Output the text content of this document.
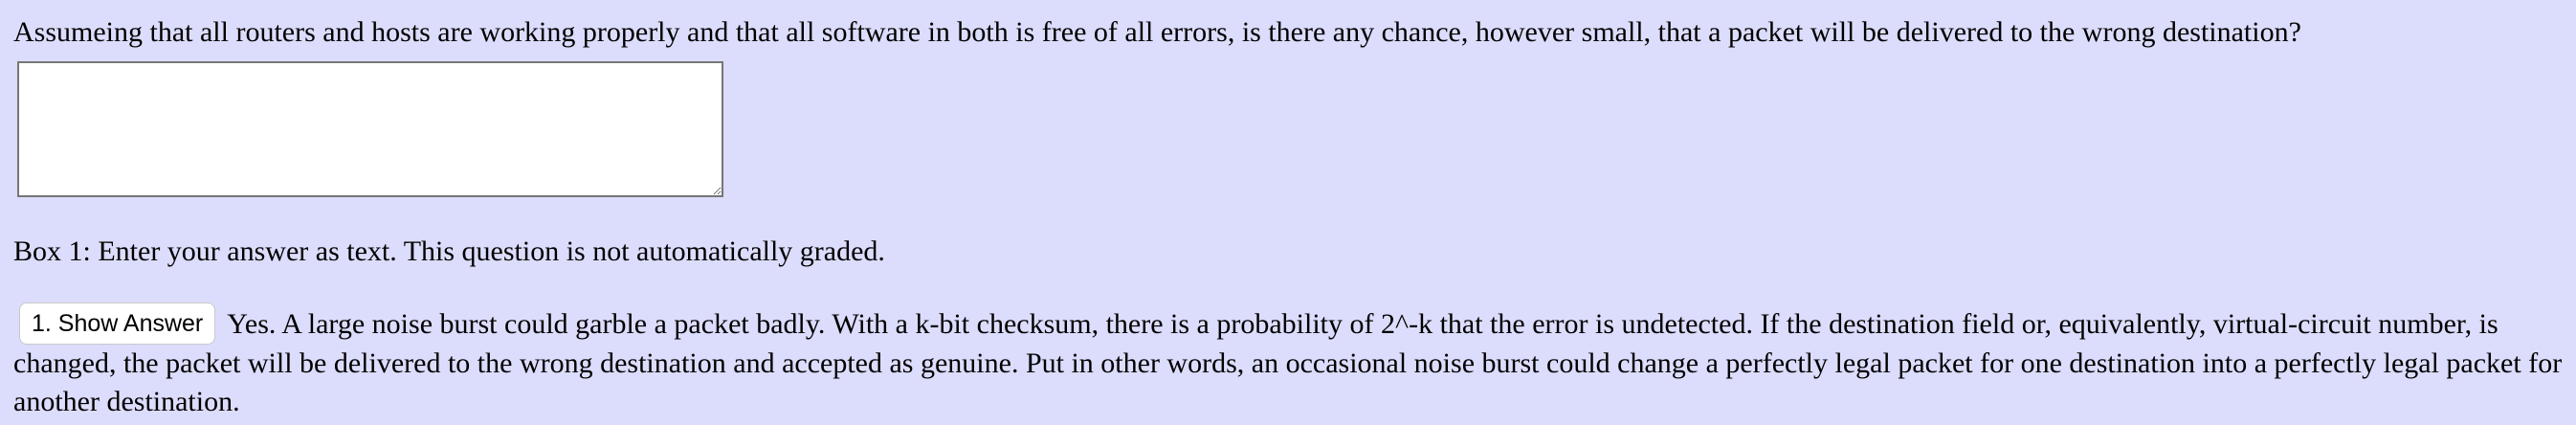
Assumeing that all routers and hosts are working properly and that all software in both is free of all errors, is there any chance, however small, that a packet will be delivered to the wrong destination?
Box 1: Enter your answer as text. This question is not automatically graded.
1. Show Answer Yes. A large noise burst could garble a packet badly. With a k-bit checksum, there is a probability of 2^-k that the error is undetected. If the destination field or, equivalently, virtual-circuit number, is changed, the packet will be delivered to the wrong destination and accepted as genuine. Put in other words, an occasional noise burst could change a perfectly legal packet for one destination into a perfectly legal packet for another destination.
